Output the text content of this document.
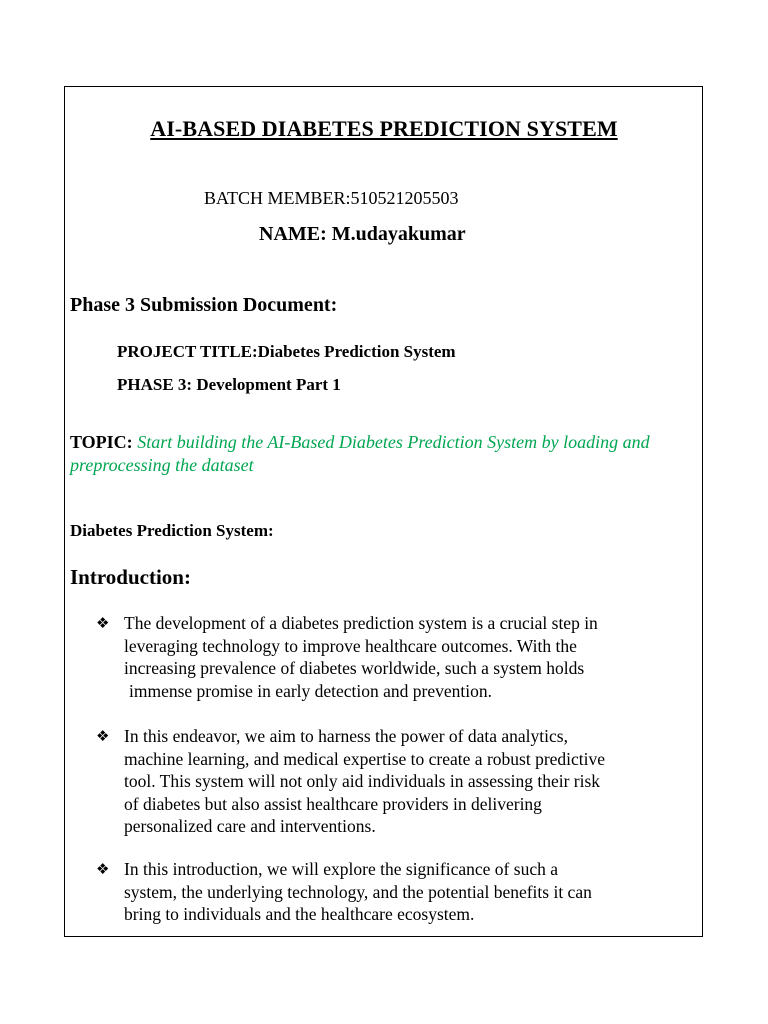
AI-BASED DIABETES PREDICTION SYSTEM
BATCH MEMBER:510521205503
NAME: M.udayakumar
Phase 3 Submission Document:
PROJECT TITLE:Diabetes Prediction System
PHASE 3: Development Part 1
TOPIC: Start building the AI-Based Diabetes Prediction System by loading and preprocessing the dataset
Diabetes Prediction System:
Introduction:
❖ The development of a diabetes prediction system is a crucial step in
leveraging technology to improve healthcare outcomes. With the
increasing prevalence of diabetes worldwide, such a system holds
immense promise in early detection and prevention.
❖ In this endeavor, we aim to harness the power of data analytics,
machine learning, and medical expertise to create a robust predictive
tool. This system will not only aid individuals in assessing their risk
of diabetes but also assist healthcare providers in delivering
personalized care and interventions.
❖ In this introduction, we will explore the significance of such a
system, the underlying technology, and the potential benefits it can
bring to individuals and the healthcare ecosystem.
